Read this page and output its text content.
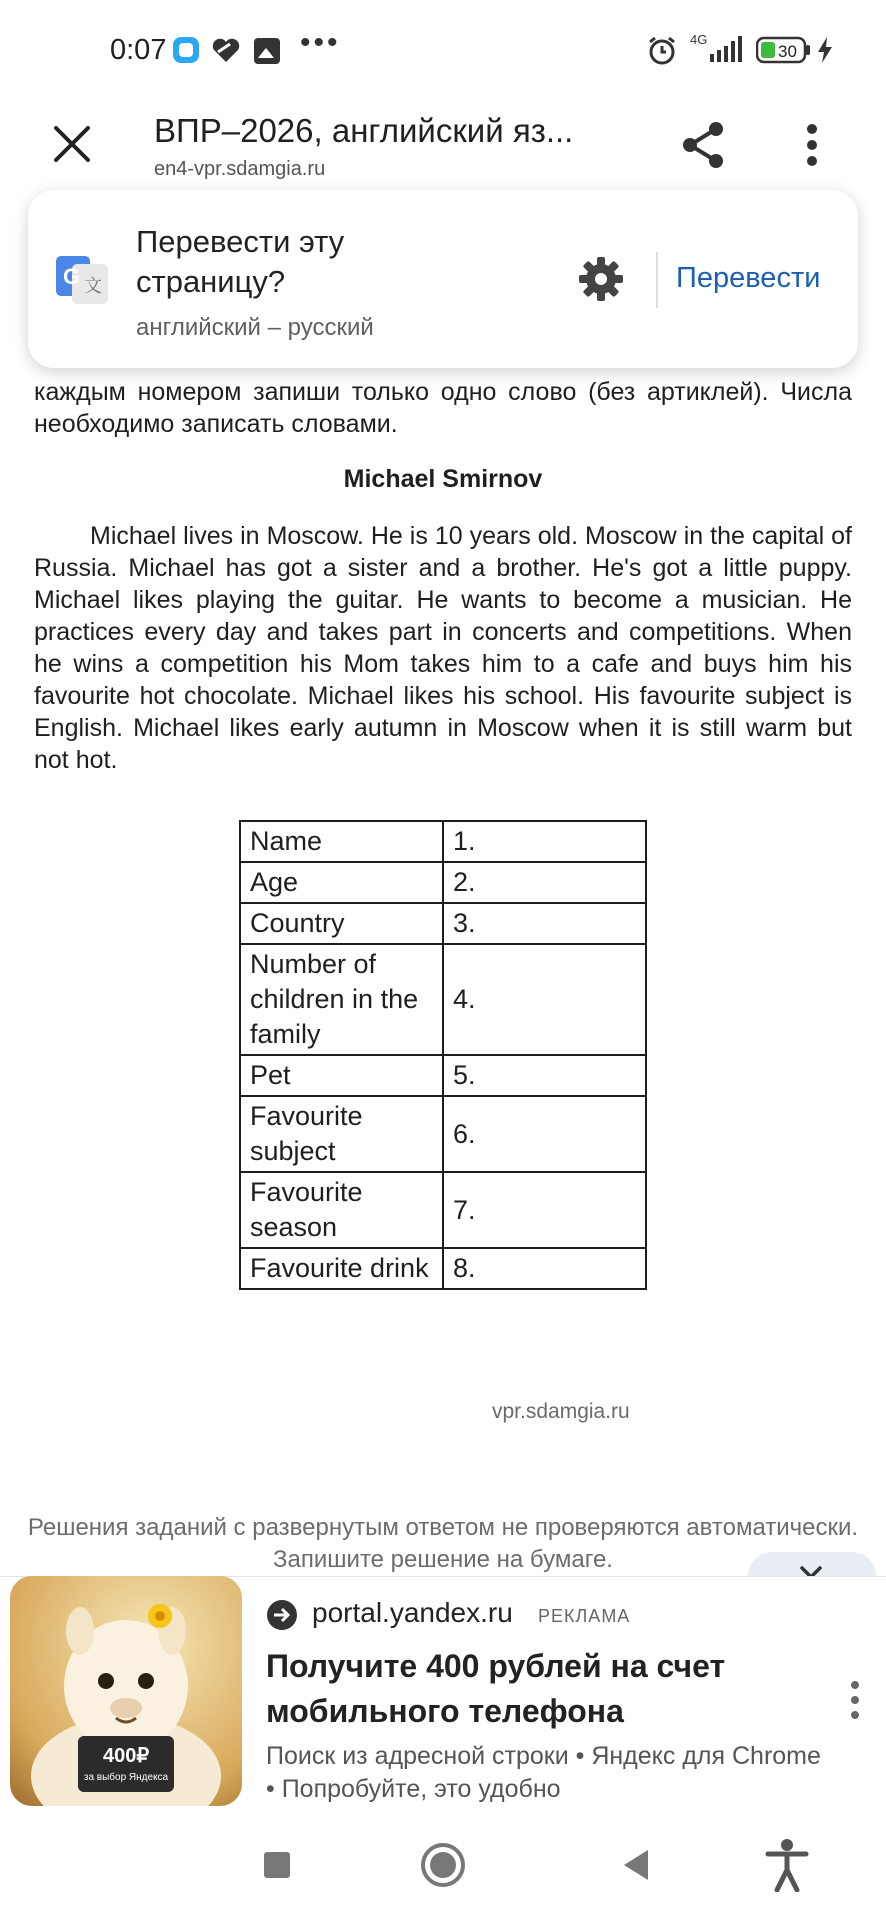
0:07	•••	4G
30
ВПР–2026, английский яз...
en4-vpr.sdamgia.ru

каждым номером запиши только одно слово (без артиклей). Числа необходимо записать словами.

Michael Smirnov

Michael lives in Moscow. He is 10 years old. Moscow in the capital of Russia. Michael has got a sister and a brother. He's got a little puppy. Michael likes playing the guitar. He wants to become a musician. He practices every day and takes part in concerts and competitions. When he wins a competition his Mom takes him to a cafe and buys him his favourite hot chocolate. Michael likes his school. His favourite subject is English. Michael likes early autumn in Moscow when it is still warm but not hot.

Name	1.
Age	2.
Country	3.
Number of children in the family	4.
Pet	5.
Favourite subject	6.
Favourite season	7.
Favourite drink	8.
vpr.sdamgia.ru

Решения заданий с развернутым ответом не проверяются автоматически. Запишите решение на бумаге.

G 文
Перевести эту страницу?
английский – русский
Перевести
400₽
за выбор Яндекса
portal.yandex.ru РЕКЛАМА
Получите 400 рублей на счет мобильного телефона
Поиск из адресной строки • Яндекс для Chrome • Попробуйте, это удобно
